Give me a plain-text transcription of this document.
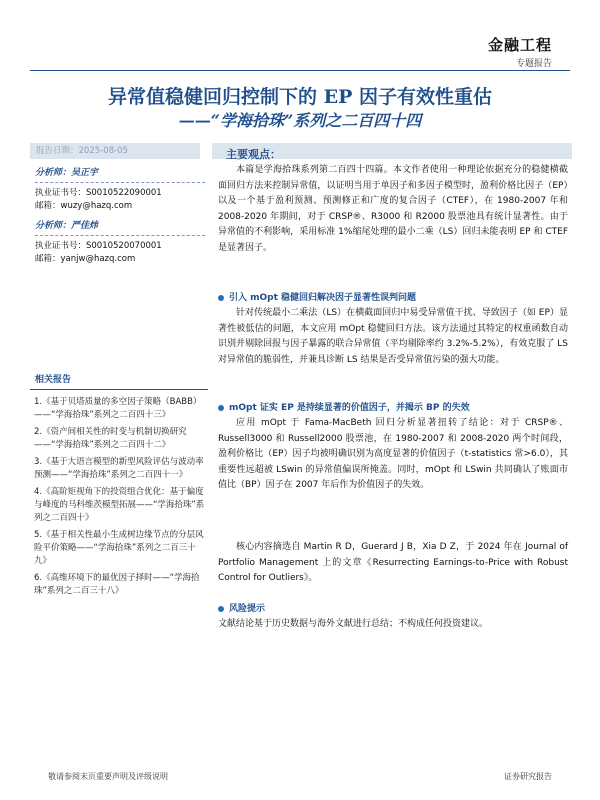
金融工程
专题报告
异常值稳健回归控制下的 EP 因子有效性重估
——“学海拾珠”系列之二百四十四
报告日期：2025-08-05
分析师：吴正宇
执业证书号：S0010522090001
邮箱：wuzy@hazq.com
分析师：严佳炜
执业证书号：S0010520070001
邮箱：yanjw@hazq.com
相关报告
1.《基于贝塔质量的多空因子策略（BABB）——“学海拾珠”系列之二百四十三》
2.《资产间相关性的时变与机制切换研究——“学海拾珠”系列之二百四十二》
3.《基于大语言模型的新型风险评估与波动率预测——“学海拾珠”系列之二百四十一》
4.《高阶矩视角下的投资组合优化：基于偏度与峰度的马科维茨模型拓展——“学海拾珠”系列之二百四十》
5.《基于相关性最小生成树边缘节点的分层风险平价策略——“学海拾珠”系列之二百三十九》
6.《高维环境下的最优因子择时——“学海拾珠”系列之二百三十八》
主要观点：
本篇是学海拾珠系列第二百四十四篇。本文作者使用一种理论依据充分的稳健横截面回归方法来控制异常值，以证明当用于单因子和多因子模型时，盈利价格比因子（EP）以及一个基于盈利预测、预测修正和广度的复合因子（CTEF），在 1980-2007 年和 2008-2020 年期间，对于 CRSP®、R3000 和 R2000 股票池具有统计显著性。由于异常值的不利影响，采用标准 1%缩尾处理的最小二乘（LS）回归未能表明 EP 和 CTEF 是显著因子。
引入 mOpt 稳健回归解决因子显著性误判问题
针对传统最小二乘法（LS）在横截面回归中易受异常值干扰、导致因子（如 EP）显著性被低估的问题，本文应用 mOpt 稳健回归方法。该方法通过其特定的权重函数自动识别并剔除回报与因子暴露的联合异常值（平均剔除率约 3.2%-5.2%），有效克服了 LS 对异常值的脆弱性，并兼具诊断 LS 结果是否受异常值污染的强大功能。
mOpt 证实 EP 是持续显著的价值因子，并揭示 BP 的失效
应用 mOpt 于 Fama-MacBeth 回归分析显著扭转了结论：对于 CRSP®、Russell3000 和 Russell2000 股票池，在 1980-2007 和 2008-2020 两个时间段，盈利价格比（EP）因子均被明确识别为高度显著的价值因子（t-statistics 常>6.0），其重要性远超被 LSwin 的异常值偏误所掩盖。同时，mOpt 和 LSwin 共同确认了账面市值比（BP）因子在 2007 年后作为价值因子的失效。
核心内容摘选自 Martin R D，Guerard J B，Xia D Z，于 2024 年在 Journal of Portfolio Management 上的文章《Resurrecting Earnings-to-Price with Robust Control for Outliers》。
风险提示
文献结论基于历史数据与海外文献进行总结；不构成任何投资建议。
敬请参阅末页重要声明及评级说明	证券研究报告
